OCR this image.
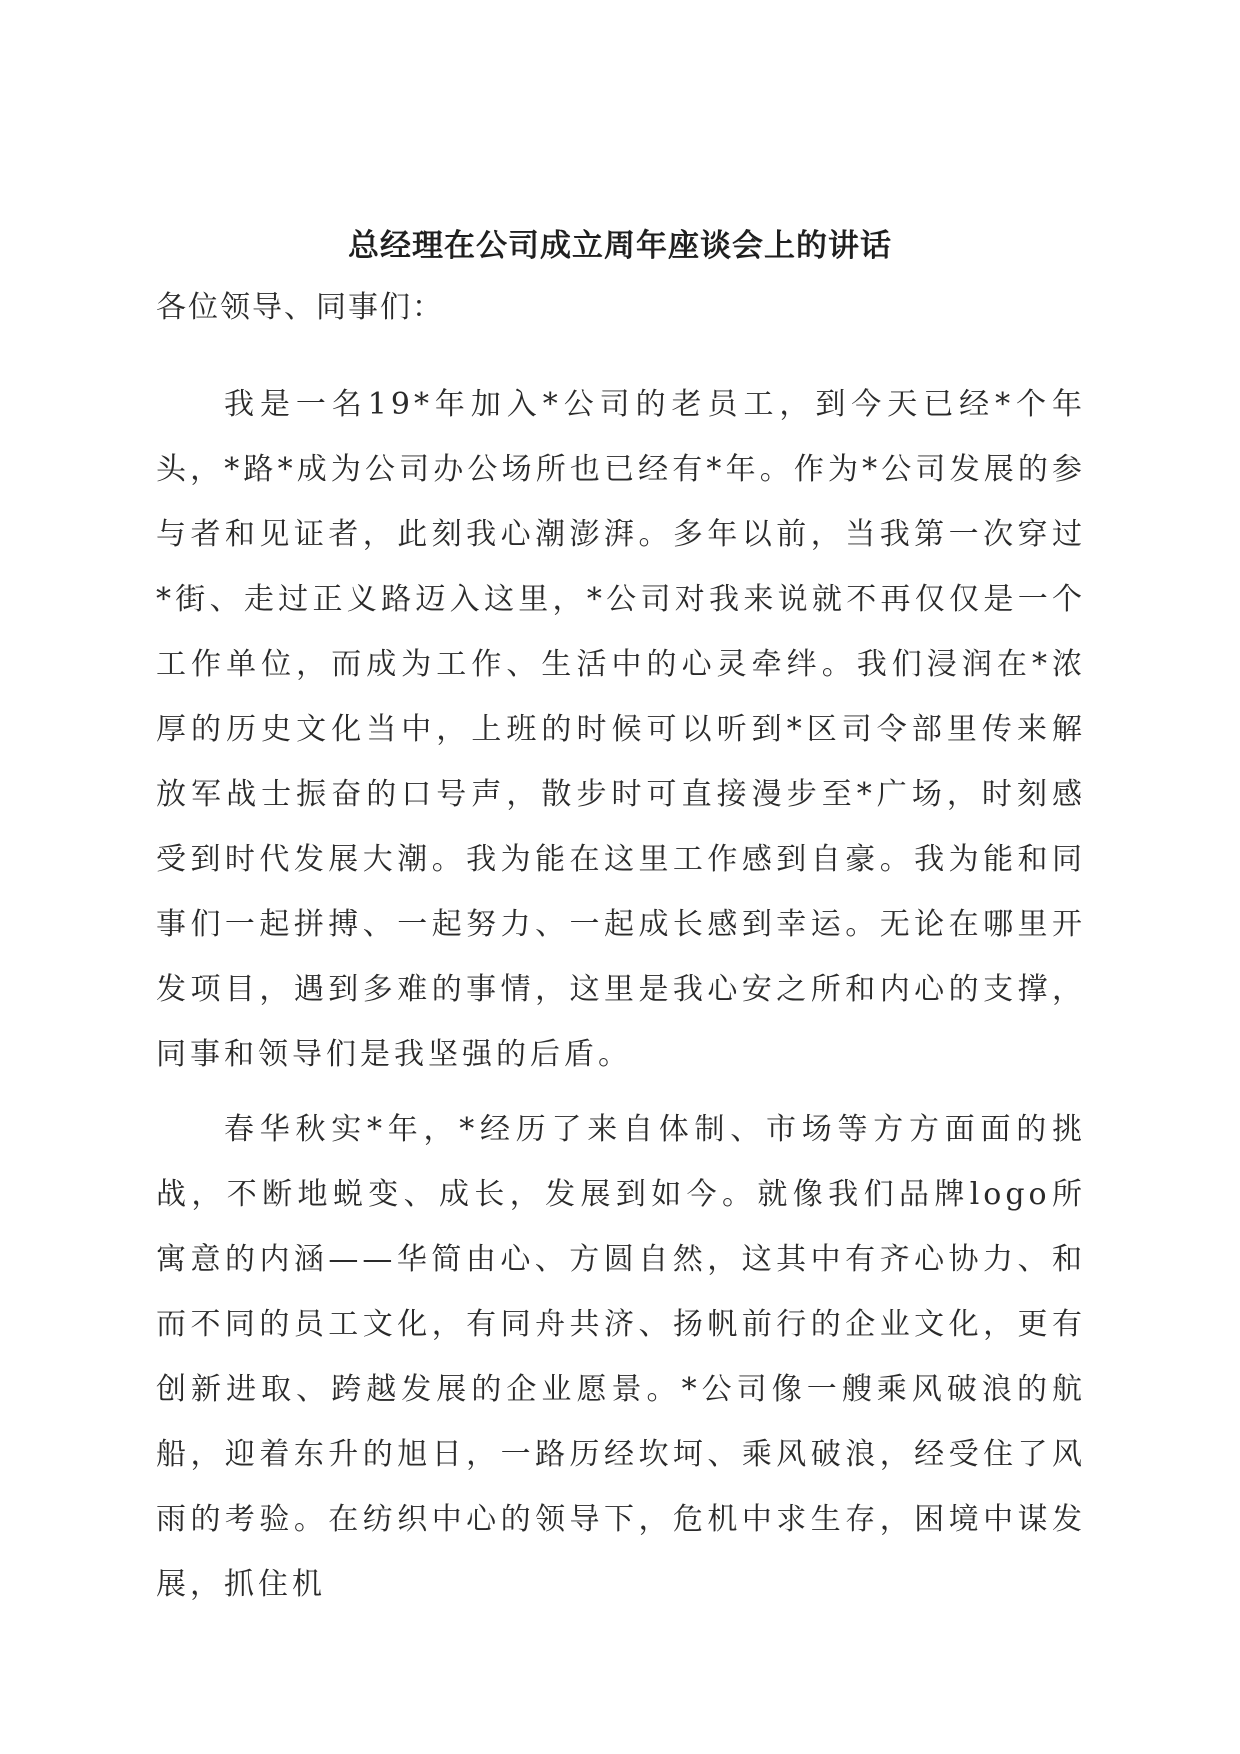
总经理在公司成立周年座谈会上的讲话
各位领导、同事们：

我是一名19*年加入*公司的老员工，到今天已经*个年头，*路*成为公司办公场所也已经有*年。作为*公司发展的参与者和见证者，此刻我心潮澎湃。多年以前，当我第一次穿过*街、走过正义路迈入这里，*公司对我来说就不再仅仅是一个工作单位，而成为工作、生活中的心灵牵绊。我们浸润在*浓厚的历史文化当中，上班的时候可以听到*区司令部里传来解放军战士振奋的口号声，散步时可直接漫步至*广场，时刻感受到时代发展大潮。我为能在这里工作感到自豪。我为能和同事们一起拼搏、一起努力、一起成长感到幸运。无论在哪里开发项目，遇到多难的事情，这里是我心安之所和内心的支撑，同事和领导们是我坚强的后盾。

春华秋实*年，*经历了来自体制、市场等方方面面的挑战，不断地蜕变、成长，发展到如今。就像我们品牌logo所寓意的内涵——华简由心、方圆自然，这其中有齐心协力、和而不同的员工文化，有同舟共济、扬帆前行的企业文化，更有创新进取、跨越发展的企业愿景。*公司像一艘乘风破浪的航船，迎着东升的旭日，一路历经坎坷、乘风破浪，经受住了风雨的考验。在纺织中心的领导下，危机中求生存，困境中谋发展，抓住机
